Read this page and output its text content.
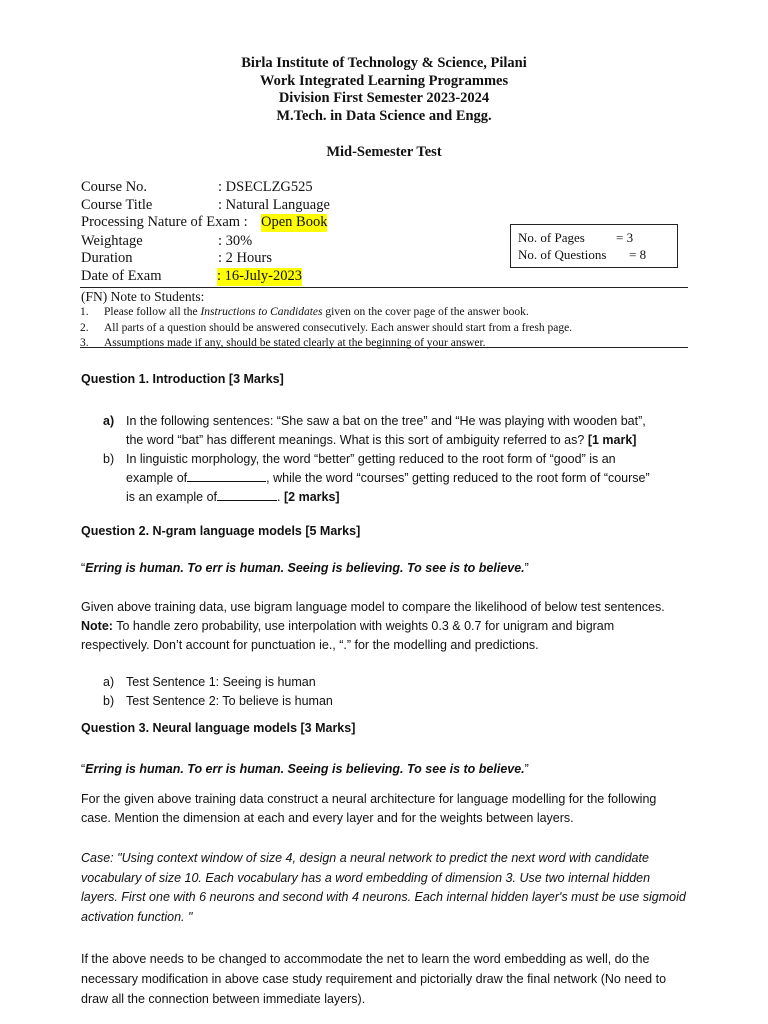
Birla Institute of Technology & Science, Pilani
Work Integrated Learning Programmes
Division First Semester 2023-2024
M.Tech. in Data Science and Engg.
Mid-Semester Test
Course No.	: DSECLZG525
Course Title	: Natural Language
Processing Nature of Exam : Open Book
Weightage	: 30%
Duration	: 2 Hours
Date of Exam	: 16-July-2023
No. of Pages = 3
No. of Questions = 8
(FN) Note to Students:
1. Please follow all the Instructions to Candidates given on the cover page of the answer book.
2. All parts of a question should be answered consecutively. Each answer should start from a fresh page.
3. Assumptions made if any, should be stated clearly at the beginning of your answer.
Question 1. Introduction [3 Marks]
a) In the following sentences: “She saw a bat on the tree” and “He was playing with wooden bat”,
the word “bat” has different meanings. What is this sort of ambiguity referred to as? [1 mark]
b) In linguistic morphology, the word “better” getting reduced to the root form of “good” is an
example of	, while the word “courses” getting reduced to the root form of “course”
is an example of	. [2 marks]
Question 2. N-gram language models [5 Marks]
“Erring is human. To err is human. Seeing is believing. To see is to believe.”
Given above training data, use bigram language model to compare the likelihood of below test sentences.
Note: To handle zero probability, use interpolation with weights 0.3 & 0.7 for unigram and bigram
respectively. Don’t account for punctuation ie., “.” for the modelling and predictions.
a) Test Sentence 1: Seeing is human
b) Test Sentence 2: To believe is human
Question 3. Neural language models [3 Marks]
“Erring is human. To err is human. Seeing is believing. To see is to believe.”
For the given above training data construct a neural architecture for language modelling for the following
case. Mention the dimension at each and every layer and for the weights between layers.
Case: "Using context window of size 4, design a neural network to predict the next word with candidate
vocabulary of size 10. Each vocabulary has a word embedding of dimension 3. Use two internal hidden
layers. First one with 6 neurons and second with 4 neurons. Each internal hidden layer's must be use sigmoid
activation function. "
If the above needs to be changed to accommodate the net to learn the word embedding as well, do the
necessary modification in above case study requirement and pictorially draw the final network (No need to
draw all the connection between immediate layers).
